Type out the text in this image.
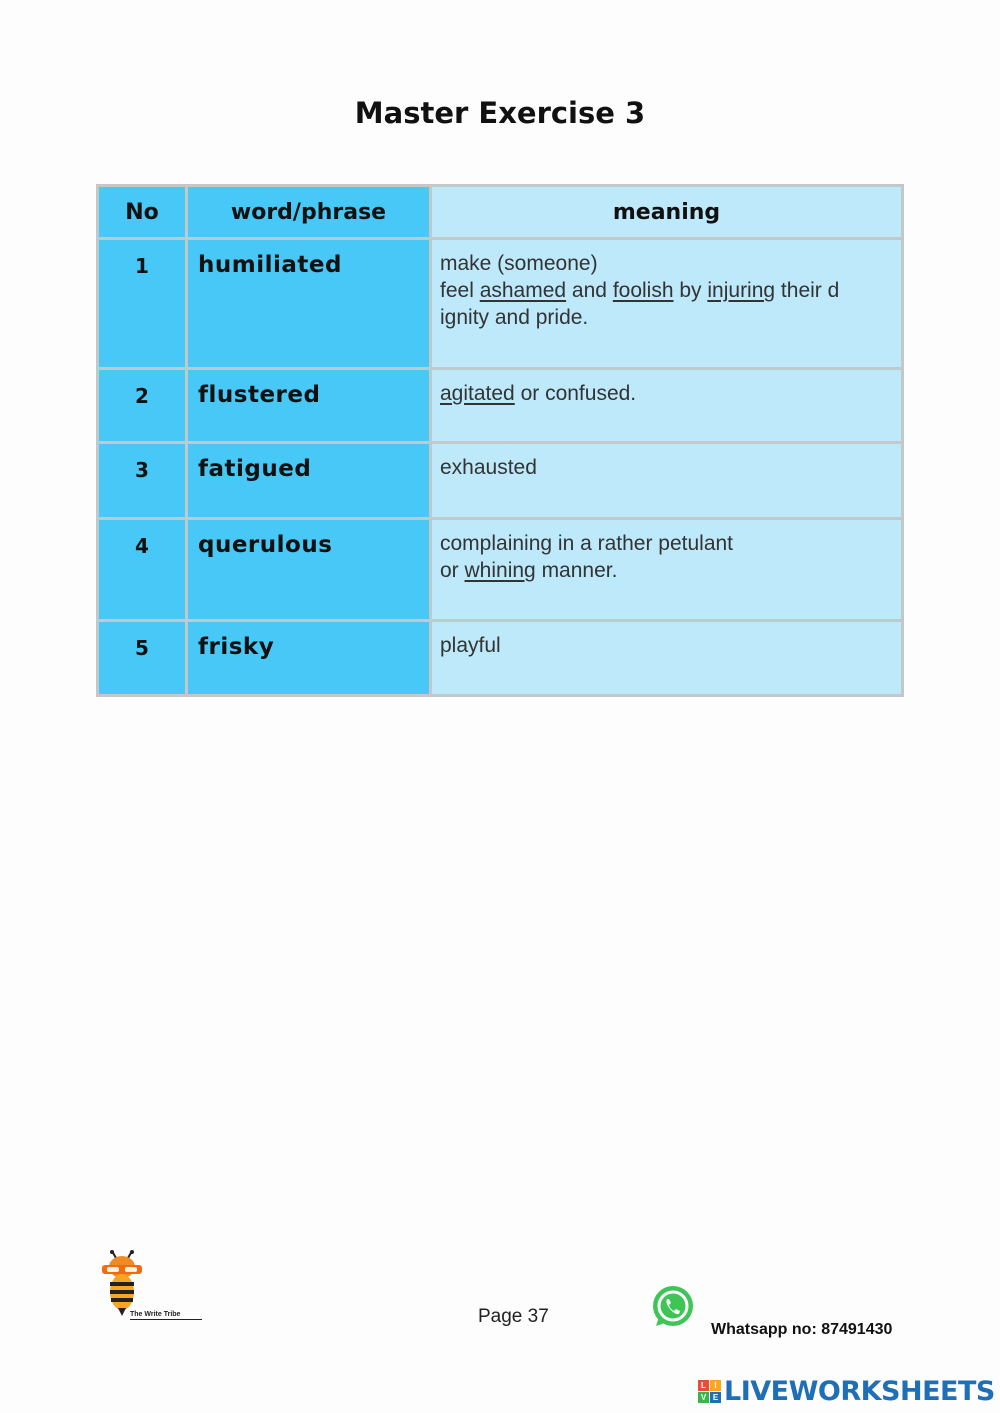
Master Exercise 3
No	word/phrase	meaning
1	humiliated	make (someone)
feel ashamed and foolish by injuring their d
ignity and pride.

2	flustered	agitated or confused.
3	fatigued	exhausted
4	querulous	complaining in a rather petulant
or whining manner.

5	frisky	playful
The Write Tribe	Page 37
Whatsapp no: 87491430
L	I
V E LIVEWORKSHEETS
